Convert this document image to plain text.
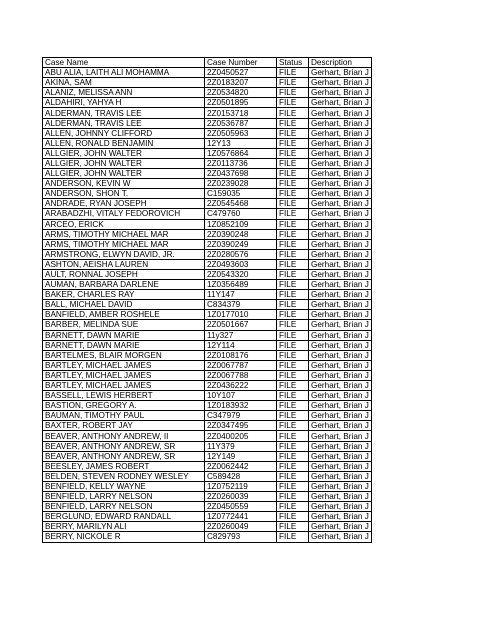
Case Name	Case Number	Status	Description
ABU ALIA, LAITH ALI MOHAMMA	2Z0450527	FILE	Gerhart, Brian J
AKINA, SAM	2Z0183207	FILE	Gerhart, Brian J
ALANIZ, MELISSA ANN	2Z0534820	FILE	Gerhart, Brian J
ALDAHIRI, YAHYA H	2Z0501895	FILE	Gerhart, Brian J
ALDERMAN, TRAVIS LEE	2Z0153718	FILE	Gerhart, Brian J
ALDERMAN, TRAVIS LEE	2Z0536787	FILE	Gerhart, Brian J
ALLEN, JOHNNY CLIFFORD	2Z0505963	FILE	Gerhart, Brian J
ALLEN, RONALD BENJAMIN	12Y13	FILE	Gerhart, Brian J
ALLGIER, JOHN WALTER	1Z0576864	FILE	Gerhart, Brian J
ALLGIER, JOHN WALTER	2Z0113736	FILE	Gerhart, Brian J
ALLGIER, JOHN WALTER	2Z0437698	FILE	Gerhart, Brian J
ANDERSON, KEVIN W	2Z0239028	FILE	Gerhart, Brian J
ANDERSON, SHON T.	C159035	FILE	Gerhart, Brian J
ANDRADE, RYAN JOSEPH	2Z0545468	FILE	Gerhart, Brian J
ARABADZHI, VITALY FEDOROVICH	C479760	FILE	Gerhart, Brian J
ARCEO, ERICK	1Z0852109	FILE	Gerhart, Brian J
ARMS, TIMOTHY MICHAEL MAR	2Z0390248	FILE	Gerhart, Brian J
ARMS, TIMOTHY MICHAEL MAR	2Z0390249	FILE	Gerhart, Brian J
ARMSTRONG, ELWYN DAVID, JR.	2Z0280576	FILE	Gerhart, Brian J
ASHTON, AEISHA LAUREN	2Z0493603	FILE	Gerhart, Brian J
AULT, RONNAL JOSEPH	2Z0543320	FILE	Gerhart, Brian J
AUMAN, BARBARA DARLENE	1Z0356489	FILE	Gerhart, Brian J
BAKER, CHARLES RAY	11Y147	FILE	Gerhart, Brian J
BALL, MICHAEL DAVID	C834379	FILE	Gerhart, Brian J
BANFIELD, AMBER ROSHELE	1Z0177010	FILE	Gerhart, Brian J
BARBER, MELINDA SUE	2Z0501667	FILE	Gerhart, Brian J
BARNETT, DAWN MARIE	11y327	FILE	Gerhart, Brian J
BARNETT, DAWN MARIE	12Y114	FILE	Gerhart, Brian J
BARTELMES, BLAIR MORGEN	2Z0108176	FILE	Gerhart, Brian J
BARTLEY, MICHAEL JAMES	2Z0067787	FILE	Gerhart, Brian J
BARTLEY, MICHAEL JAMES	2Z0067788	FILE	Gerhart, Brian J
BARTLEY, MICHAEL JAMES	2Z0436222	FILE	Gerhart, Brian J
BASSELL, LEWIS HERBERT	10Y107	FILE	Gerhart, Brian J
BASTION, GREGORY A.	1Z0183932	FILE	Gerhart, Brian J
BAUMAN, TIMOTHY PAUL	C347979	FILE	Gerhart, Brian J
BAXTER, ROBERT JAY	2Z0347495	FILE	Gerhart, Brian J
BEAVER, ANTHONY ANDREW, II	2Z0400205	FILE	Gerhart, Brian J
BEAVER, ANTHONY ANDREW, SR	11Y379	FILE	Gerhart, Brian J
BEAVER, ANTHONY ANDREW, SR	12Y149	FILE	Gerhart, Brian J
BEESLEY, JAMES ROBERT	2Z0062442	FILE	Gerhart, Brian J
BELDEN, STEVEN RODNEY WESLEY	C589428	FILE	Gerhart, Brian J
BENFIELD, KELLY WAYNE	1Z0752119	FILE	Gerhart, Brian J
BENFIELD, LARRY NELSON	2Z0260039	FILE	Gerhart, Brian J
BENFIELD, LARRY NELSON	2Z0450559	FILE	Gerhart, Brian J
BERGLUND, EDWARD RANDALL	1Z0772441	FILE	Gerhart, Brian J
BERRY, MARILYN ALI	2Z0260049	FILE	Gerhart, Brian J
BERRY, NICKOLE R	C829793	FILE	Gerhart, Brian J
